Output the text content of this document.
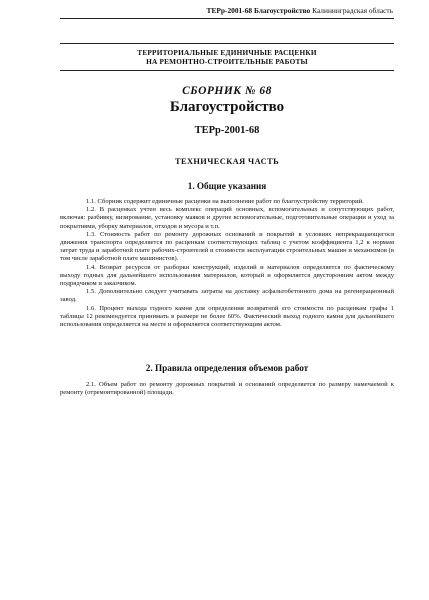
ТЕРр-2001-68 Благоустройство Калининградская область
ТЕРРИТОРИАЛЬНЫЕ ЕДИНИЧНЫЕ РАСЦЕНКИ
НА РЕМОНТНО-СТРОИТЕЛЬНЫЕ РАБОТЫ
СБОРНИК № 68
Благоустройство
ТЕРр-2001-68
ТЕХНИЧЕСКАЯ ЧАСТЬ
1. Общие указания

1.1. Сборник содержит единичные расценки на выполнение работ по благоустройству территорий.

1.2. В расценках учтен весь комплекс операций основных, вспомогательных и сопутствующих работ, включая: разбивку, визирование, установку маяков и другие вспомогательные, подготовительные операции и уход за покрытиями, уборку материалов, отходов и мусора и т.п.

1.3. Стоимость работ по ремонту дорожных оснований и покрытий в условиях непрекращающегося движения транспорта определяется по расценкам соответствующих таблиц с учетом коэффициента 1,2 к нормам затрат труда и заработной плате рабочих-строителей и стоимости эксплуатации строительных машин и механизмов (в том числе заработной плате машинистов).

1.4. Возврат ресурсов от разборки конструкций, изделий и материалов определяется по фактическому выходу годных для дальнейшего использования материалов, который и оформляется двусторонним актом между подрядчиком и заказчиком.

1.5. Дополнительно следует учитывать затраты на доставку асфальтобетонного дома на регенерационный завод.

1.6. Процент выхода годного камня для определения возвратной его стоимости по расценкам графы 1 таблицы 12 рекомендуется принимать в размере не более 60%. Фактический выход годного камня для дальнейшего использования определяется на месте и оформляется соответствующим актом.

2. Правила определения объемов работ

2.1. Объем работ по ремонту дорожных покрытий и оснований определяется по размеру намечаемой к ремонту (отремонтированной) площади.
